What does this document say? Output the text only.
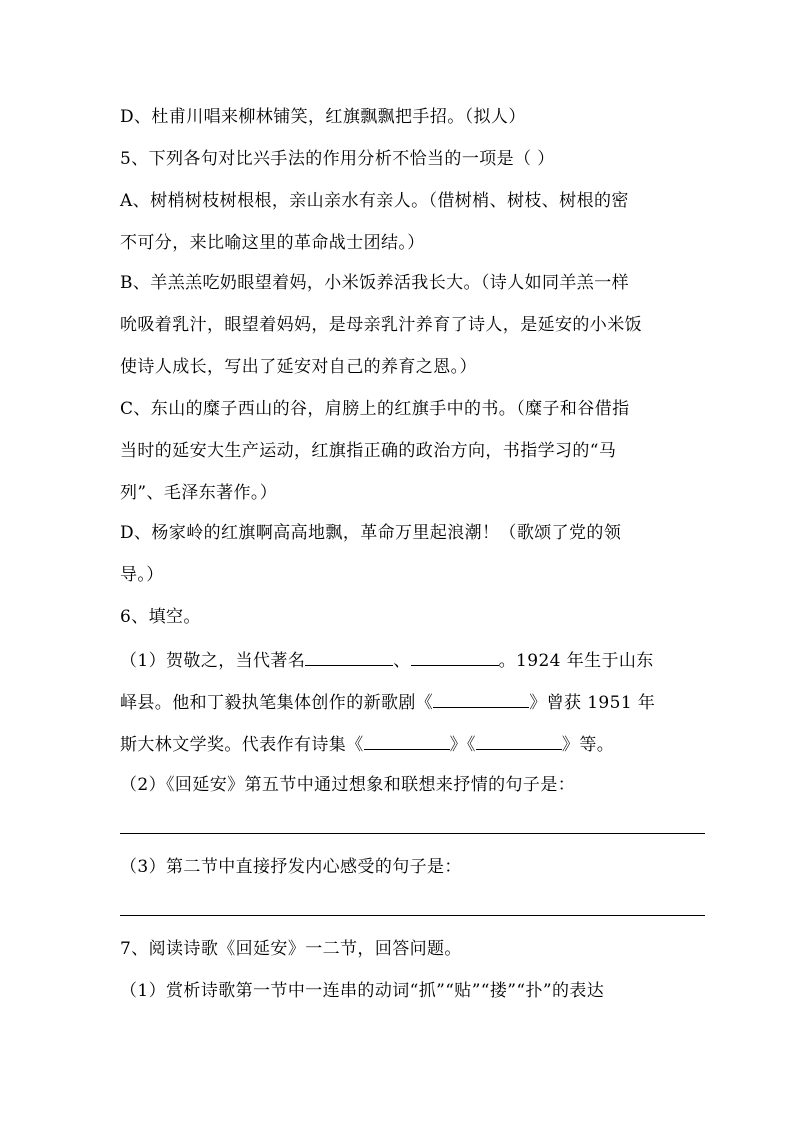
D、杜甫川唱来柳林铺笑，红旗飘飘把手招。（拟人）
5、下列各句对比兴手法的作用分析不恰当的一项是（ ）
A、树梢树枝树根根，亲山亲水有亲人。（借树梢、树枝、树根的密
不可分，来比喻这里的革命战士团结。）
B、羊羔羔吃奶眼望着妈，小米饭养活我长大。（诗人如同羊羔一样
吮吸着乳汁，眼望着妈妈，是母亲乳汁养育了诗人，是延安的小米饭
使诗人成长，写出了延安对自己的养育之恩。）
C、东山的糜子西山的谷，肩膀上的红旗手中的书。（糜子和谷借指
当时的延安大生产运动，红旗指正确的政治方向，书指学习的“马
列”、毛泽东著作。）
D、杨家岭的红旗啊高高地飘，革命万里起浪潮！（歌颂了党的领
导。）
6、填空。
（1）贺敬之，当代著名	、	。1924 年生于山东
峄县。他和丁毅执笔集体创作的新歌剧《	》曾获 1951 年
斯大林文学奖。代表作有诗集《	》《	》等。
（2）《回延安》第五节中通过想象和联想来抒情的句子是：
（3）第二节中直接抒发内心感受的句子是：
7、阅读诗歌《回延安》一二节，回答问题。
（1）赏析诗歌第一节中一连串的动词“抓”“贴”“搂”“扑”的表达
